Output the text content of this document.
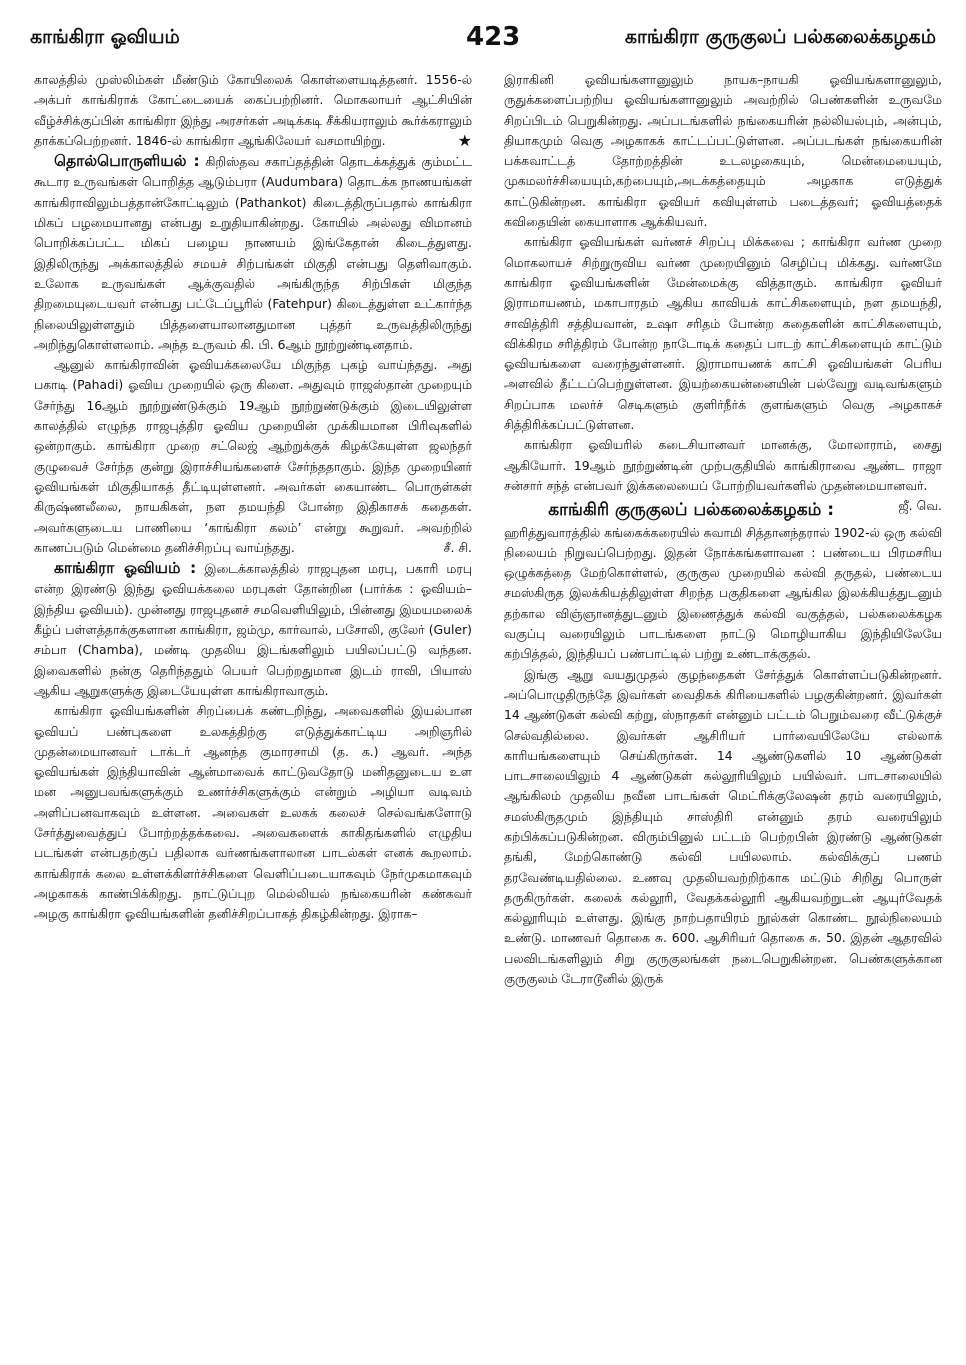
காங்கிரா ஓவியம்	423	காங்கிரா குருகுலப் பல்கலைக்கழகம்

காலத்தில் முஸ்லிம்கள் மீண்டும் கோயிலைக் கொள்ளையடித்தனர். 1556-ல் அக்பர் காங்கிராக் கோட்டையைக் கைப்பற்றினர். மொகலாயர் ஆட்சியின் வீழ்ச்சிக்குப்பின் காங்கிரா இந்து அரசர்கள் அடிக்கடி சீக்கியராலும் கூர்க்கராலும் தாக்கப்பெற்றனர். 1846-ல் காங்கிரா ஆங்கிலேயர் வசமாயிற்று.	★

தொல்பொருளியல் : கிறிஸ்தவ சகாப்தத்தின் தொடக்கத்துக் கும்மட்ட கூடார உருவங்கள் பொறித்த ஆடும்பரா (Audumbara) தொடக்க நாணயங்கள் காங்கிராவிலும்பத்தான்கோட்டிலும் (Pathankot) கிடைத்திருப்பதால் காங்கிரா மிகப் பழமையானது என்பது உறுதியாகின்றது. கோயில் அல்லது விமானம் பொறிக்கப்பட்ட மிகப் பழைய நாணயம் இங்கேதான் கிடைத்துளது. இதிலிருந்து அக்காலத்தில் சமயச் சிற்பங்கள் மிகுதி என்பது தெளிவாகும். உலோக உருவங்கள் ஆக்குவதில் அங்கிருந்த சிற்பிகள் மிகுந்த திறமையுடையவர் என்பது பட்டேப்பூரில் (Fatehpur) கிடைத்துள்ள உட்கார்ந்த நிலையிலுள்ளதும் பித்தளையாலானதுமான புத்தர் உருவத்திலிருந்து அறிந்துகொள்ளலாம். அந்த உருவம் கி. பி. 6ஆம் நூற்றுண்டினதாம்.

ஆனுல் காங்கிராவின் ஓவியக்கலையே மிகுந்த புகழ் வாய்ந்தது. அது பகாடி (Pahadi) ஓவிய முறையில் ஒரு கிளை. அதுவும் ராஜஸ்தான் முறையும் சேர்ந்து 16ஆம் நூற்றுண்டுக்கும் 19ஆம் நூற்றுண்டுக்கும் இடையிலுள்ள காலத்தில் எழுந்த ராஜபுத்திர ஓவிய முறையின் முக்கியமான பிரிவுகளில் ஒன்றாகும். காங்கிரா முறை சட்லெஜ் ஆற்றுக்குக் கிழக்கேயுள்ள ஜலந்தர் குழுவைச் சேர்ந்த குன்று இராச்சியங்களைச் சேர்ந்ததாகும். இந்த முறையினர் ஓவியங்கள் மிகுதியாகத் தீட்டியுள்ளனர். அவர்கள் கையாண்ட பொருள்கள் கிருஷ்ணலீலை, நாயகிகள், நள தமயந்தி போன்ற இதிகாசக் கதைகள். அவர்களுடைய பாணியை ‘காங்கிரா கலம்’ என்று கூறுவர். அவற்றில் காணப்படும் மென்மை தனிச்சிறப்பு வாய்ந்தது.	சீ. சி.

காங்கிரா ஓவியம் : இடைக்காலத்தில் ராஜபுதன மரபு, பகாரி மரபு என்ற இரண்டு இந்து ஓவியக்கலை மரபுகள் தோன்றின (பார்க்க : ஓவியம்–இந்திய ஓவியம்). முன்னது ராஜபுதனச் சமவெளியிலும், பின்னது இமயமலைக் கீழ்ப் பள்ளத்தாக்குகளான காங்கிரா, ஜம்மு, கார்வால், பசோலி, குலேர் (Guler) சம்பா (Chamba), மண்டி முதலிய இடங்களிலும் பயிலப்பட்டு வந்தன. இவைகளில் நன்கு தெரிந்ததும் பெயர் பெற்றதுமான இடம் ராவி, பியாஸ் ஆகிய ஆறுகளுக்கு இடையேயுள்ள காங்கிராவாகும்.

காங்கிரா ஓவியங்களின் சிறப்பைக் கண்டறிந்து, அவைகளில் இயல்பான ஓவியப் பண்புகளை உலகத்திற்கு எடுத்துக்காட்டிய அறிஞரில் முதன்மையானவர் டாக்டர் ஆனந்த குமாரசாமி (த. க.) ஆவர். அந்த ஓவியங்கள் இந்தியாவின் ஆன்மாவைக் காட்டுவதோடு மனிதனுடைய உள மன அனுபவங்களுக்கும் உணர்ச்சிகளுக்கும் என்றும் அழியா வடிவம் அளிப்பனவாகவும் உள்ளன. அவைகள் உலகக் கலைச் செல்வங்களோடு சேர்த்துவைத்துப் போற்றத்தக்கவை. அவைகளைக் காகிதங்களில் எழுதிய படங்கள் என்பதற்குப் பதிலாக வர்ணங்களாலான பாடல்கள் எனக் கூறலாம். காங்கிராக் கலை உள்ளக்கிளர்ச்சிகளை வெளிப்படையாகவும் நேர்முகமாகவும் அழகாகக் காண்பிக்கிறது. நாட்டுப்புற மெல்லியல் நங்கையரின் கண்கவர் அழகு காங்கிரா ஓவியங்களின் தனிச்சிறப்பாகத் திகழ்கின்றது. இராக–

இராகினி ஓவியங்களானுலும் நாயக–நாயகி ஓவியங்களானுலும், ருதுக்களைப்பற்றிய ஓவியங்களானுலும் அவற்றில் பெண்களின் உருவமே சிறப்பிடம் பெறுகின்றது. அப்படங்களில் நங்கையரின் நல்லியல்பும், அன்பும், தியாகமும் வெகு அழகாகக் காட்டப்பட்டுள்ளன. அப்படங்கள் நங்கையரின் பக்கவாட்டத் தோற்றத்தின் உடலழகையும், மென்மையையும், முகமலர்ச்சியையும்,கற்பையும்,அடக்கத்தையும் அழகாக எடுத்துக் காட்டுகின்றன. காங்கிரா ஓவியர் கவியுள்ளம் படைத்தவர்; ஓவியத்தைக் கவிதையின் கையாளாக ஆக்கியவர்.

காங்கிரா ஓவியங்கள் வர்ணச் சிறப்பு மிக்கவை ; காங்கிரா வர்ண முறை மொகலாயச் சிற்றுருவிய வர்ண முறையினும் செழிப்பு மிக்கது. வர்ணமே காங்கிரா ஓவியங்களின் மேன்மைக்கு வித்தாகும். காங்கிரா ஓவியர் இராமாயணம், மகாபாரதம் ஆகிய காவியக் காட்சிகளையும், நள தமயந்தி, சாவித்திரி சத்தியவான், உஷா சரிதம் போன்ற கதைகளின் காட்சிகளையும், விக்கிரம சரித்திரம் போன்ற நாடோடிக் கதைப் பாடற் காட்சிகளையும் காட்டும் ஓவியங்களை வரைந்துள்ளனர். இராமாயணக் காட்சி ஓவியங்கள் பெரிய அளவில் தீட்டப்பெற்றுள்ளன. இயற்கையன்னையின் பல்வேறு வடிவங்களும் சிறப்பாக மலர்ச் செடிகளும் குளிர்நீர்க் குளங்களும் வெகு அழகாகச் சித்திரிக்கப்பட்டுள்ளன.

காங்கிரா ஓவியரில் கடைசியானவர் மானக்கு, மோலாராம், சைது ஆகியோர். 19ஆம் நூற்றுண்டின் முற்பகுதியில் காங்கிராவை ஆண்ட ராஜா சன்சார் சந்த் என்பவர் இக்கலையைப் போற்றியவர்களில் முதன்மையானவர்.
ஜீ. வெ.

காங்கிரி குருகுலப் பல்கலைக்கழகம் :

ஹரித்துவாரத்தில் கங்கைக்கரையில் சுவாமி சித்தானந்தரால் 1902-ல் ஒரு கல்வி நிலையம் நிறுவப்பெற்றது. இதன் நோக்கங்களாவன : பண்டைய பிரமசரிய ஒழுக்கத்தை மேற்கொள்ளல், குருகுல முறையில் கல்வி தருதல், பண்டைய சமஸ்கிருத இலக்கியத்திலுள்ள சிறந்த பகுதிகளை ஆங்கில இலக்கியத்துடனும் தற்கால விஞ்ஞானத்துடனும் இணைத்துக் கல்வி வகுத்தல், பல்கலைக்கழக வகுப்பு வரையிலும் பாடங்களை நாட்டு மொழியாகிய இந்தியிலேயே கற்பித்தல், இந்தியப் பண்பாட்டில் பற்று உண்டாக்குதல்.

இங்கு ஆறு வயதுமுதல் குழந்தைகள் சேர்த்துக் கொள்ளப்படுகின்றனர். அப்பொழுதிருந்தே இவர்கள் வைதிகக் கிரியைகளில் பழகுகின்றனர். இவர்கள் 14 ஆண்டுகள் கல்வி கற்று, ஸ்நாதகர் என்னும் பட்டம் பெறும்வரை வீட்டுக்குச் செல்வதில்லை. இவர்கள் ஆசிரியர் பார்வையிலேயே எல்லாக் காரியங்களையும் செய்கிருர்கள். 14 ஆண்டுகளில் 10 ஆண்டுகள் பாடசாலையிலும் 4 ஆண்டுகள் கல்லூரியிலும் பயில்வர். பாடசாலையில் ஆங்கிலம் முதலிய நவீன பாடங்கள் மெட்ரிக்குலேஷன் தரம் வரையிலும், சமஸ்கிருதமும் இந்தியும் சாஸ்திரி என்னும் தரம் வரையிலும் கற்பிக்கப்படுகின்றன. விரும்பினுல் பட்டம் பெற்றபின் இரண்டு ஆண்டுகள் தங்கி, மேற்கொண்டு கல்வி பயிலலாம். கல்விக்குப் பணம் தரவேண்டியதில்லை. உணவு முதலியவற்றிற்காக மட்டும் சிறிது பொருள் தருகிருர்கள். கலைக் கல்லூரி, வேதக்கல்லூரி ஆகியவற்றுடன் ஆயுர்வேதக் கல்லூரியும் உள்ளது. இங்கு நாற்பதாயிரம் நூல்கள் கொண்ட நூல்நிலையம் உண்டு. மாணவர் தொகை சு. 600. ஆசிரியர் தொகை சு. 50. இதன் ஆதரவில் பலவிடங்களிலும் சிறு குருகுலங்கள் நடைபெறுகின்றன. பெண்களுக்கான குருகுலம் டேராடூனில் இருக்
